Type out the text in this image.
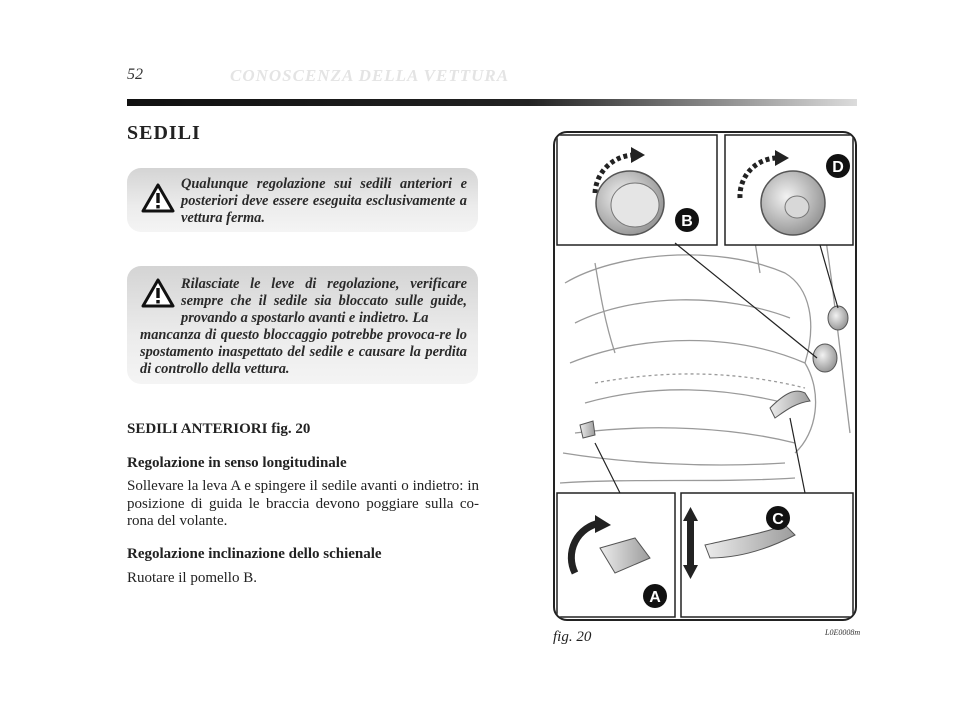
52	CONOSCENZA DELLA VETTURA
SEDILI

Qualunque regolazione sui sedili anteriori e posteriori deve essere eseguita esclusivamente a vettura ferma.

Rilasciate le leve di regolazione, verificare sempre che il sedile sia bloccato sulle guide, provando a spostarlo avanti e indietro. La

mancanza di questo bloccaggio potrebbe provoca-re lo spostamento inaspettato del sedile e causare la perdita di controllo della vettura.

SEDILI ANTERIORI fig. 20
Regolazione in senso longitudinale
Sollevare la leva A e spingere il sedile avanti o indietro: in posizione di guida le braccia devono poggiare sulla co-rona del volante.
Regolazione inclinazione dello schienale
Ruotare il pomello B.
B
D
C
A
fig. 20	L0E0008m
